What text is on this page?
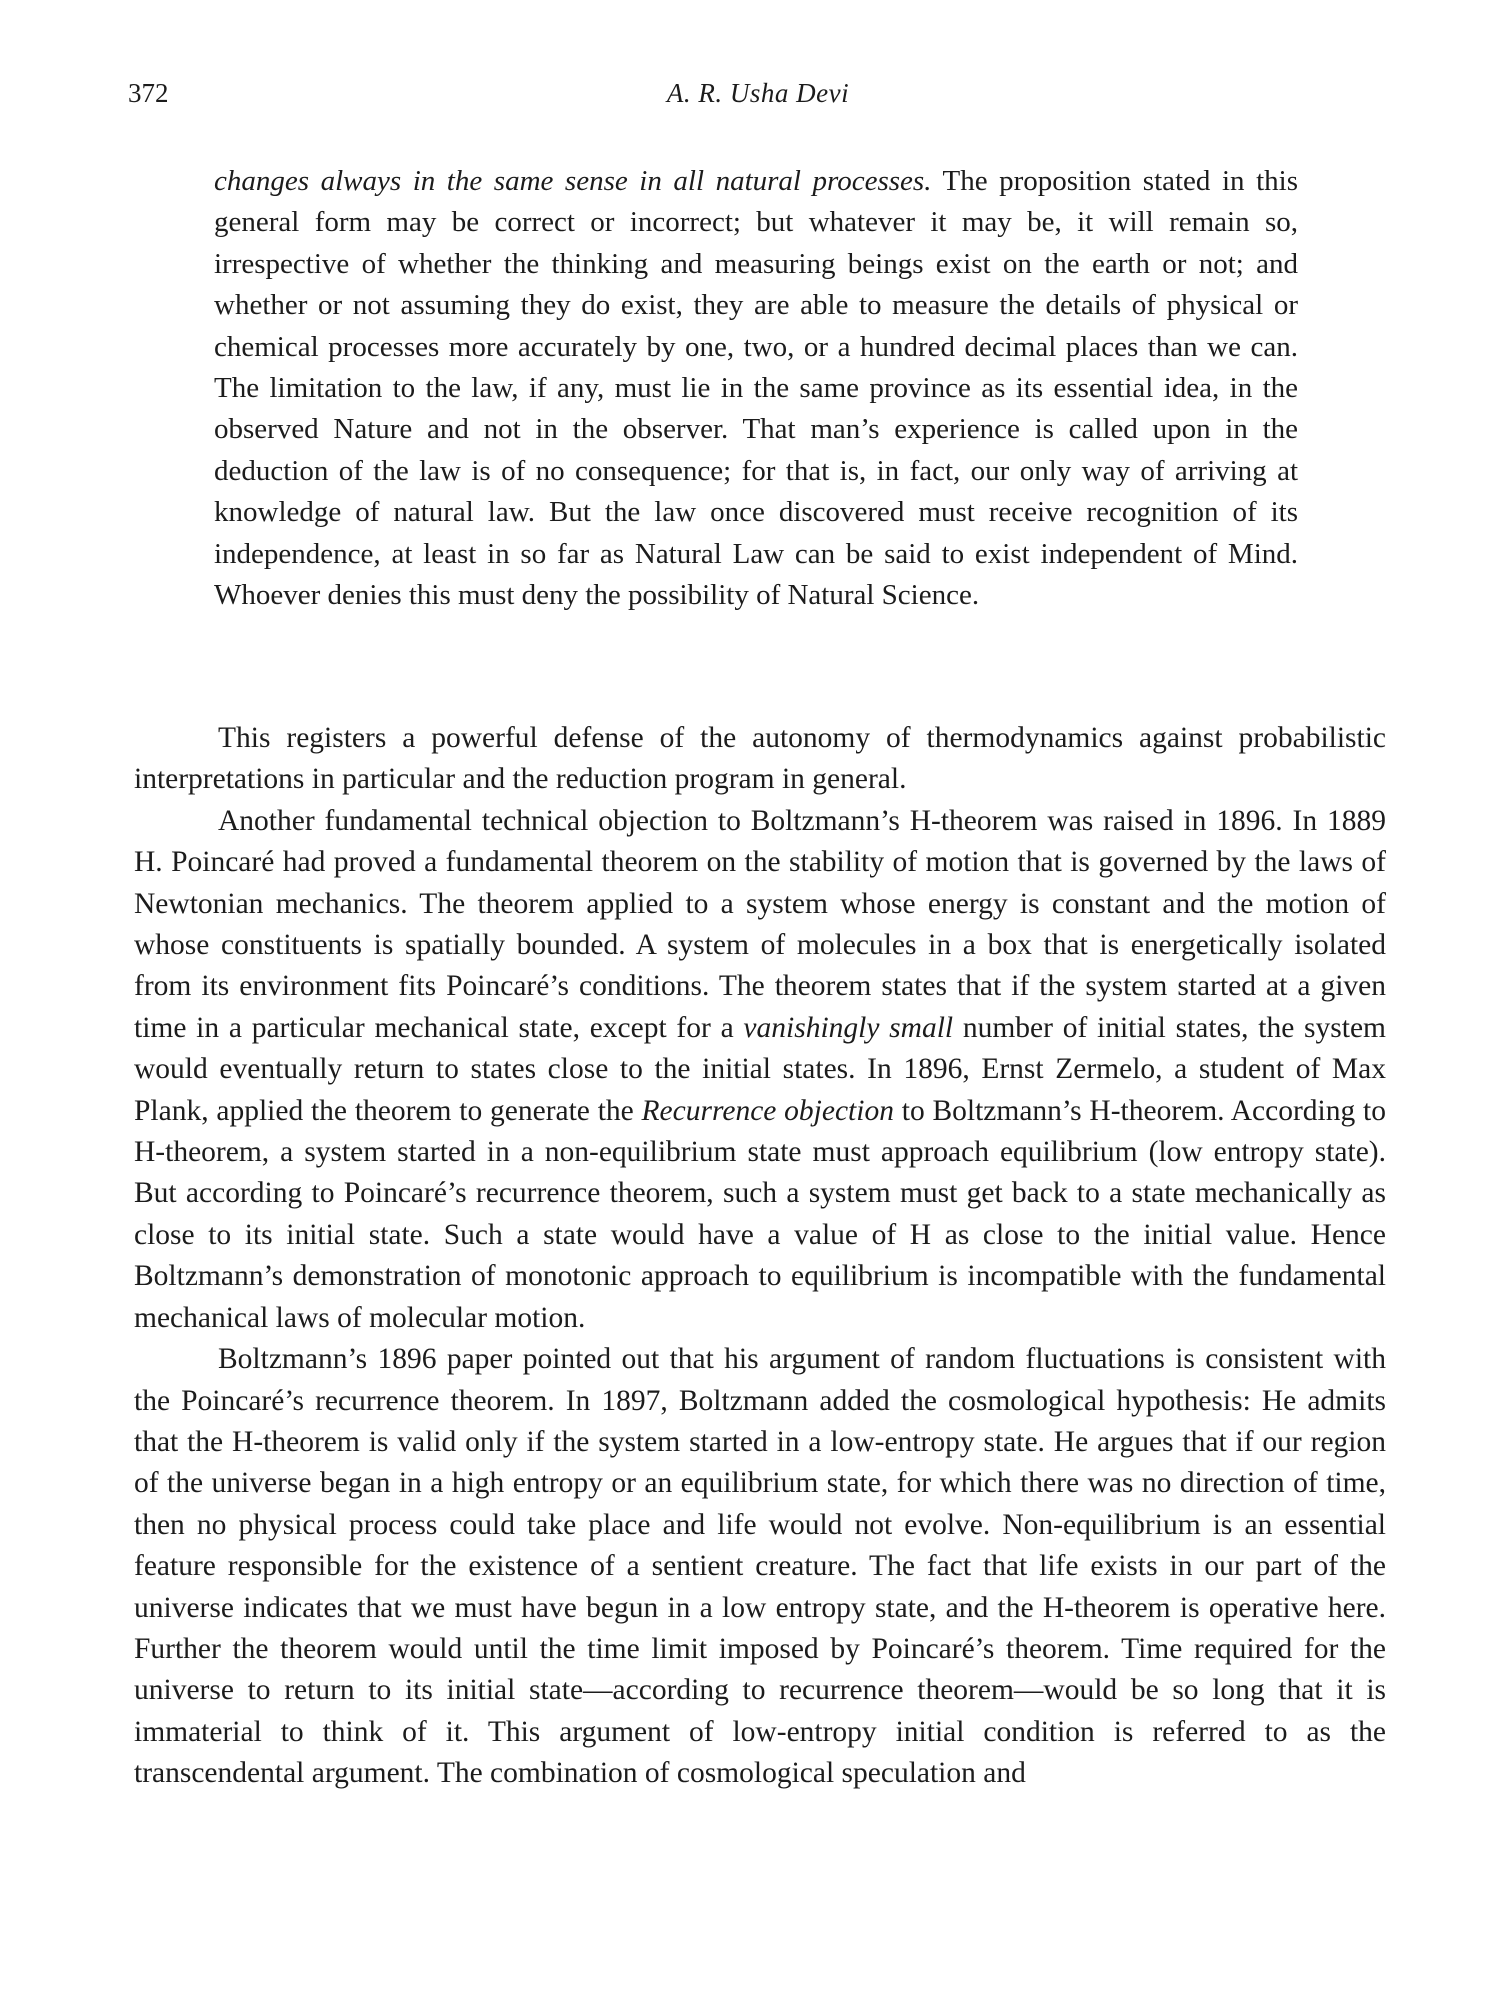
372	A. R. Usha Devi

changes always in the same sense in all natural processes. The proposition stated in this general form may be correct or incorrect; but whatever it may be, it will remain so, irrespective of whether the thinking and measuring beings exist on the earth or not; and whether or not assuming they do exist, they are able to measure the details of physical or chemical processes more accurately by one, two, or a hundred decimal places than we can. The limitation to the law, if any, must lie in the same province as its essential idea, in the observed Nature and not in the observer. That man’s experience is called upon in the deduction of the law is of no consequence; for that is, in fact, our only way of arriving at knowledge of natural law. But the law once discovered must receive recognition of its independence, at least in so far as Natural Law can be said to exist independent of Mind. Whoever denies this must deny the possibility of Natural Science.

This registers a powerful defense of the autonomy of thermodynamics against probabilistic interpretations in particular and the reduction program in general.

Another fundamental technical objection to Boltzmann’s H-theorem was raised in 1896. In 1889 H. Poincaré had proved a fundamental theorem on the stability of motion that is governed by the laws of Newtonian mechanics. The theorem applied to a system whose energy is constant and the motion of whose constituents is spatially bounded. A system of molecules in a box that is energetically isolated from its environment fits Poincaré’s conditions. The theorem states that if the system started at a given time in a particular mechanical state, except for a vanishingly small number of initial states, the system would eventually return to states close to the initial states. In 1896, Ernst Zermelo, a student of Max Plank, applied the theorem to generate the Recurrence objection to Boltzmann’s H-theorem. According to H-theorem, a system started in a non-equilibrium state must approach equilibrium (low entropy state). But according to Poincaré’s recurrence theorem, such a system must get back to a state mechanically as close to its initial state. Such a state would have a value of H as close to the initial value. Hence Boltzmann’s demonstration of monotonic approach to equilibrium is incompatible with the fundamental mechanical laws of molecular motion.

Boltzmann’s 1896 paper pointed out that his argument of random fluctuations is consistent with the Poincaré’s recurrence theorem. In 1897, Boltzmann added the cosmological hypothesis: He admits that the H-theorem is valid only if the system started in a low-entropy state. He argues that if our region of the universe began in a high entropy or an equilibrium state, for which there was no direction of time, then no physical process could take place and life would not evolve. Non-equilibrium is an essential feature responsible for the existence of a sentient creature. The fact that life exists in our part of the universe indicates that we must have begun in a low entropy state, and the H-theorem is operative here. Further the theorem would until the time limit imposed by Poincaré’s theorem. Time required for the universe to return to its initial state—according to recurrence theorem—would be so long that it is immaterial to think of it. This argument of low-entropy initial condition is referred to as the transcendental argument. The combination of cosmological speculation and
